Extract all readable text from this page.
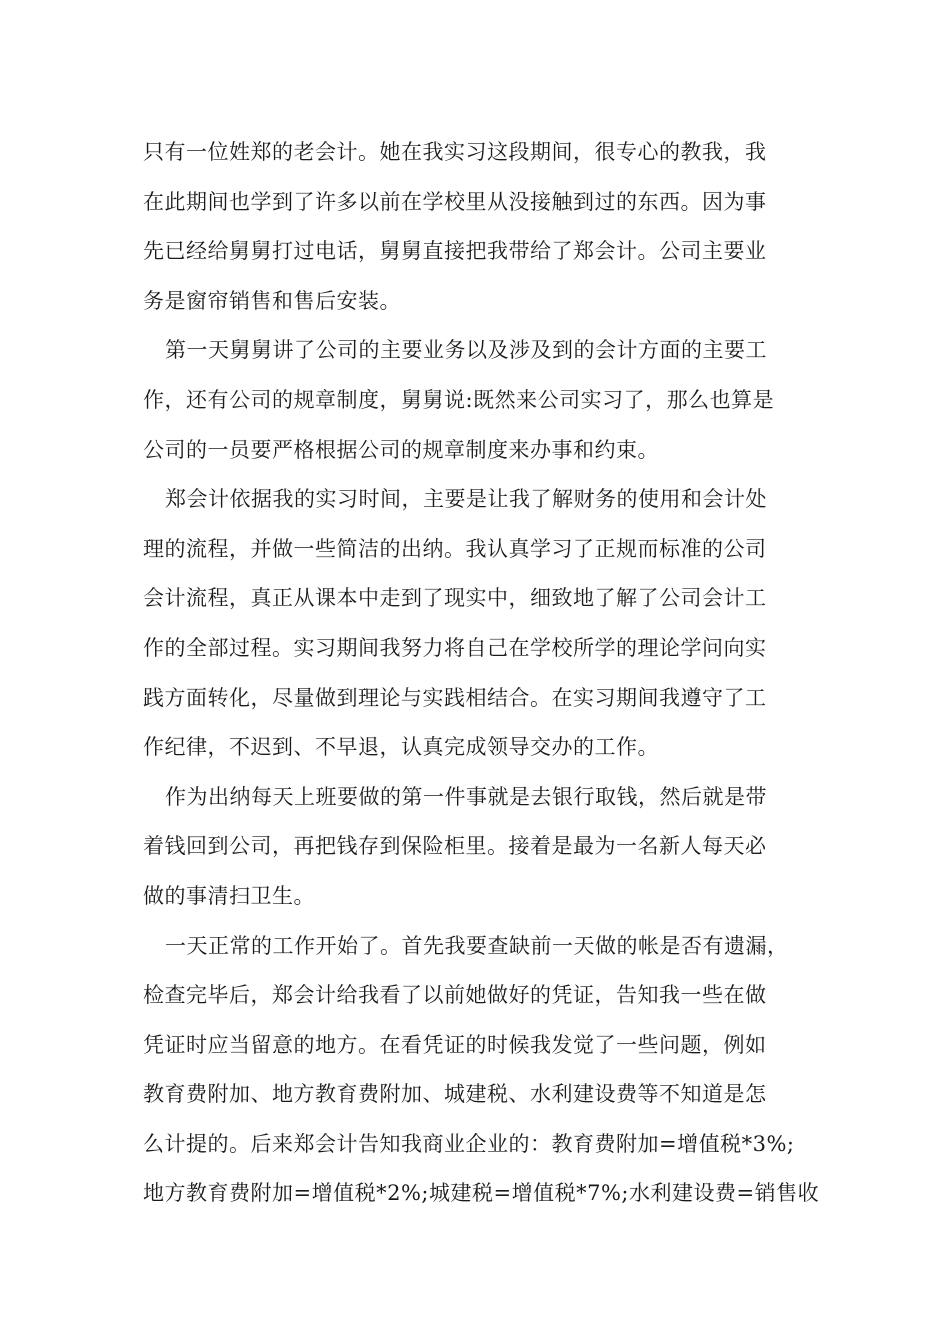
只有一位姓郑的老会计。她在我实习这段期间，很专心的教我，我
在此期间也学到了许多以前在学校里从没接触到过的东西。因为事
先已经给舅舅打过电话，舅舅直接把我带给了郑会计。公司主要业
务是窗帘销售和售后安装。
第一天舅舅讲了公司的主要业务以及涉及到的会计方面的主要工
作，还有公司的规章制度，舅舅说:既然来公司实习了，那么也算是
公司的一员要严格根据公司的规章制度来办事和约束。
郑会计依据我的实习时间，主要是让我了解财务的使用和会计处
理的流程，并做一些简洁的出纳。我认真学习了正规而标准的公司
会计流程，真正从课本中走到了现实中，细致地了解了公司会计工
作的全部过程。实习期间我努力将自己在学校所学的理论学问向实
践方面转化，尽量做到理论与实践相结合。在实习期间我遵守了工
作纪律，不迟到、不早退，认真完成领导交办的工作。
作为出纳每天上班要做的第一件事就是去银行取钱，然后就是带
着钱回到公司，再把钱存到保险柜里。接着是最为一名新人每天必
做的事清扫卫生。
一天正常的工作开始了。首先我要查缺前一天做的帐是否有遗漏，
检查完毕后，郑会计给我看了以前她做好的凭证，告知我一些在做
凭证时应当留意的地方。在看凭证的时候我发觉了一些问题，例如
教育费附加、地方教育费附加、城建税、水利建设费等不知道是怎
么计提的。后来郑会计告知我商业企业的：教育费附加=增值税*3%;
地方教育费附加=增值税*2%;城建税=增值税*7%;水利建设费=销售收
